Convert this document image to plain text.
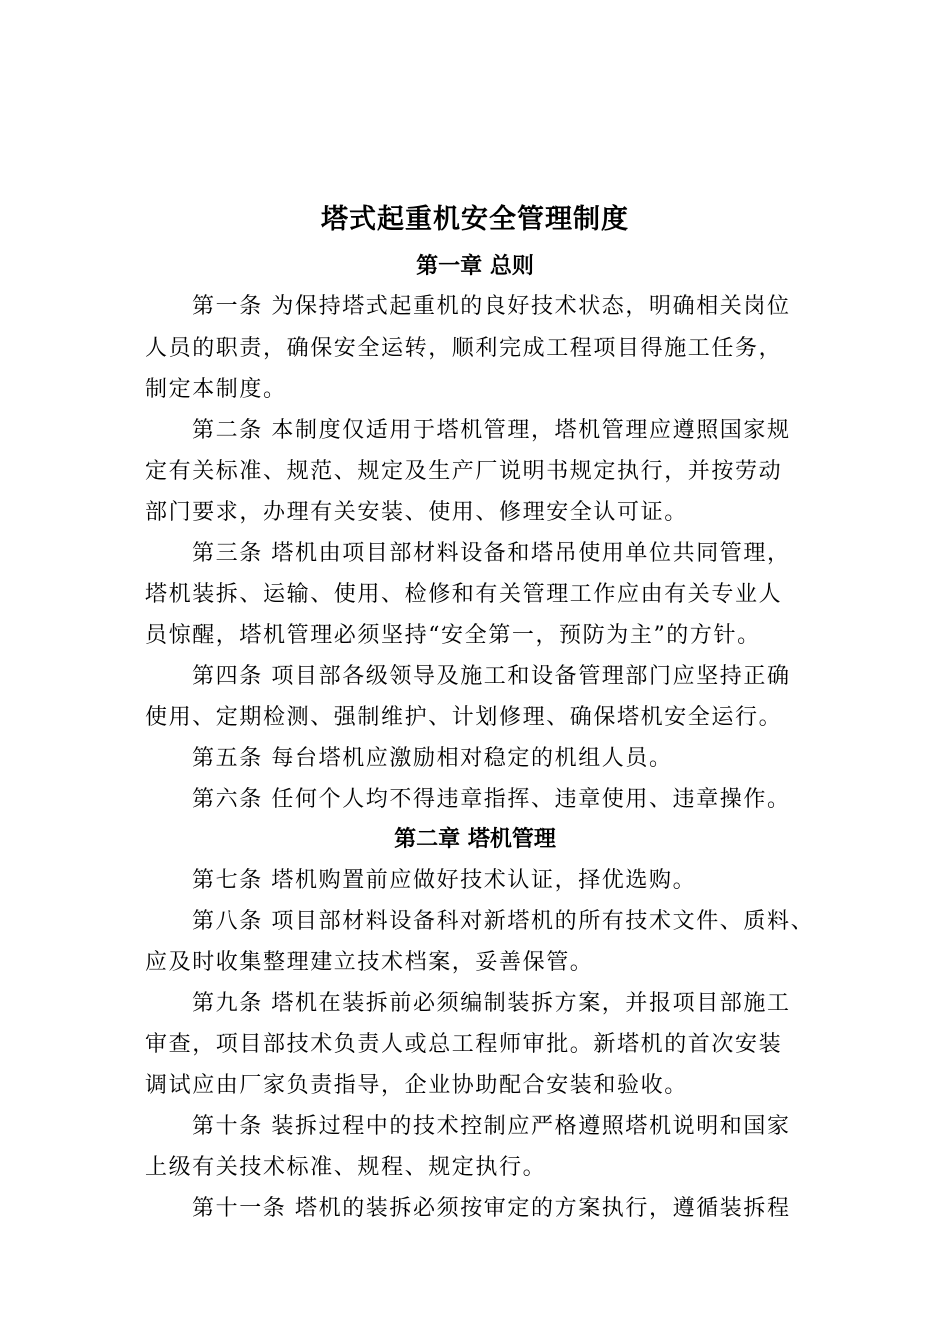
塔式起重机安全管理制度
第一章 总则
第一条 为保持塔式起重机的良好技术状态，明确相关岗位
人员的职责，确保安全运转，顺利完成工程项目得施工任务，
制定本制度。
第二条 本制度仅适用于塔机管理，塔机管理应遵照国家规
定有关标准、规范、规定及生产厂说明书规定执行，并按劳动
部门要求，办理有关安装、使用、修理安全认可证。
第三条 塔机由项目部材料设备和塔吊使用单位共同管理，
塔机装拆、运输、使用、检修和有关管理工作应由有关专业人
员惊醒，塔机管理必须坚持“安全第一，预防为主”的方针。
第四条 项目部各级领导及施工和设备管理部门应坚持正确
使用、定期检测、强制维护、计划修理、确保塔机安全运行。
第五条 每台塔机应激励相对稳定的机组人员。
第六条 任何个人均不得违章指挥、违章使用、违章操作。
第二章 塔机管理
第七条 塔机购置前应做好技术认证，择优选购。
第八条 项目部材料设备科对新塔机的所有技术文件、质料、
应及时收集整理建立技术档案，妥善保管。
第九条 塔机在装拆前必须编制装拆方案，并报项目部施工
审查，项目部技术负责人或总工程师审批。新塔机的首次安装
调试应由厂家负责指导，企业协助配合安装和验收。
第十条 装拆过程中的技术控制应严格遵照塔机说明和国家
上级有关技术标准、规程、规定执行。
第十一条 塔机的装拆必须按审定的方案执行，遵循装拆程
